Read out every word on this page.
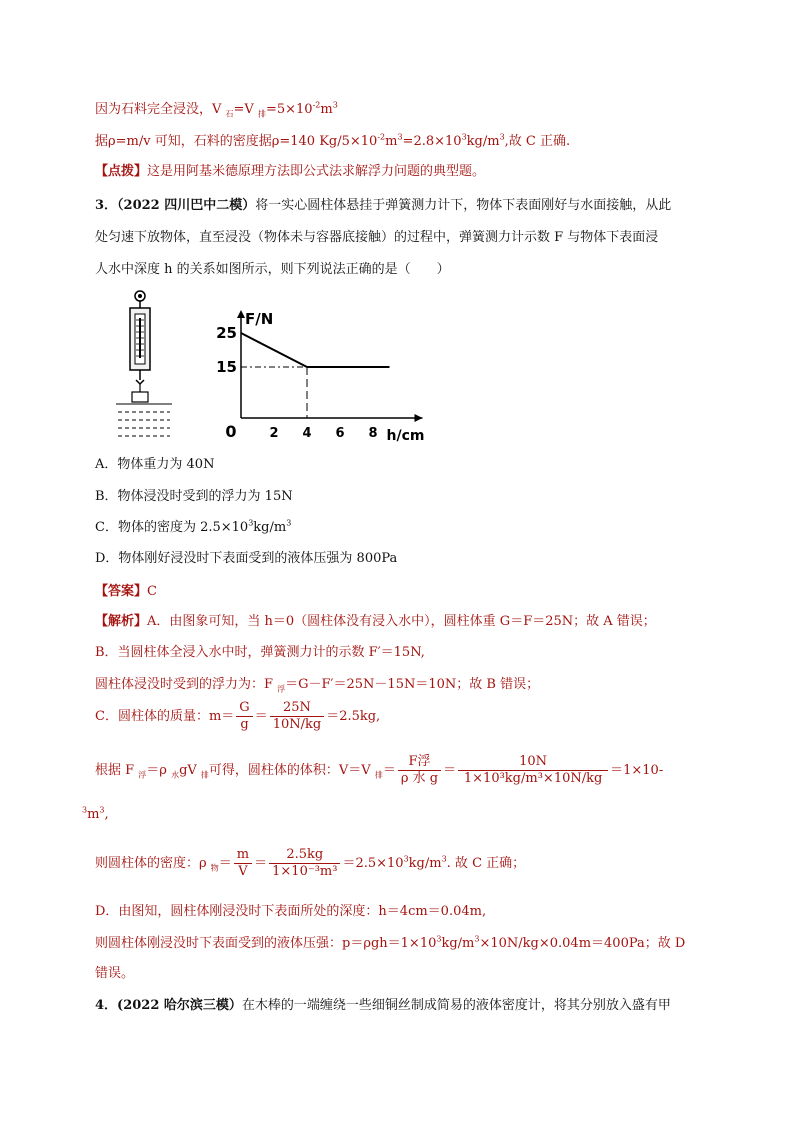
因为石料完全浸没，V $_石$=V $_排=5\times 10^{-2}m^3$
据ρ=m/v 可知，石料的密度据ρ=140 $Kg/5\times 10^{-2}m^3=2.8\times 10^3kg/m^3$,故 C 正确.
【点拨】这是用阿基米德原理方法即公式法求解浮力问题的典型题。
3．（2022 四川巴中二模）将一实心圆柱体悬挂于弹簧测力计下，物体下表面刚好与水面接触，从此
处匀速下放物体，直至浸没（物体未与容器底接触）的过程中，弹簧测力计示数 F 与物体下表面浸
人水中深度 h 的关系如图所示，则下列说法正确的是（　　）
F/N
h/cm
0	2 4 6 8
25
15
A．物体重力为 40N
B．物体浸没时受到的浮力为 15N
C．物体的密度为 $2.5\times 10^3kg/m^3$
D．物体刚好浸没时下表面受到的液体压强为 800Pa
【答案】C
【解析】A．由图象可知，当 h＝0（圆柱体没有浸入水中），圆柱体重 G＝F＝25N；故 A 错误；
B．当圆柱体全浸入水中时，弹簧测力计的示数 F′＝15N,
圆柱体浸没时受到的浮力为：F $_浮$＝G－F′＝25N－15N＝10N；故 B 错误；
C．圆柱体的质量：$m= \frac{G}{g} = \frac{25N}{10N/kg} =2.5kg$,
根据 F $_浮$＝ρ $_水$gV $_排$可得，圆柱体的体积：V＝V $_排= \frac{\text{F浮}}{\text{ρ 水 g}} = \frac{10N}{\text{1×10³kg/m³×10N/kg}} =1\times 10-$
$^3m^3$,
则圆柱体的密度：ρ $_物= \frac{m}{V} = \frac{2.5kg}{\text{1×10⁻³m³}} =2.5\times 10^3kg/m^3$. 故 C 正确；
D．由图知，圆柱体刚浸没时下表面所处的深度：h＝4cm＝0.04m,
则圆柱体刚浸没时下表面受到的液体压强：$p=\rho gh=1\times 10^3kg/m^3\times 10N/kg\times 0.04m=400Pa$；故 D
错误。
4．(2022 哈尔滨三模）在木棒的一端缠绕一些细铜丝制成简易的液体密度计，将其分别放入盛有甲
